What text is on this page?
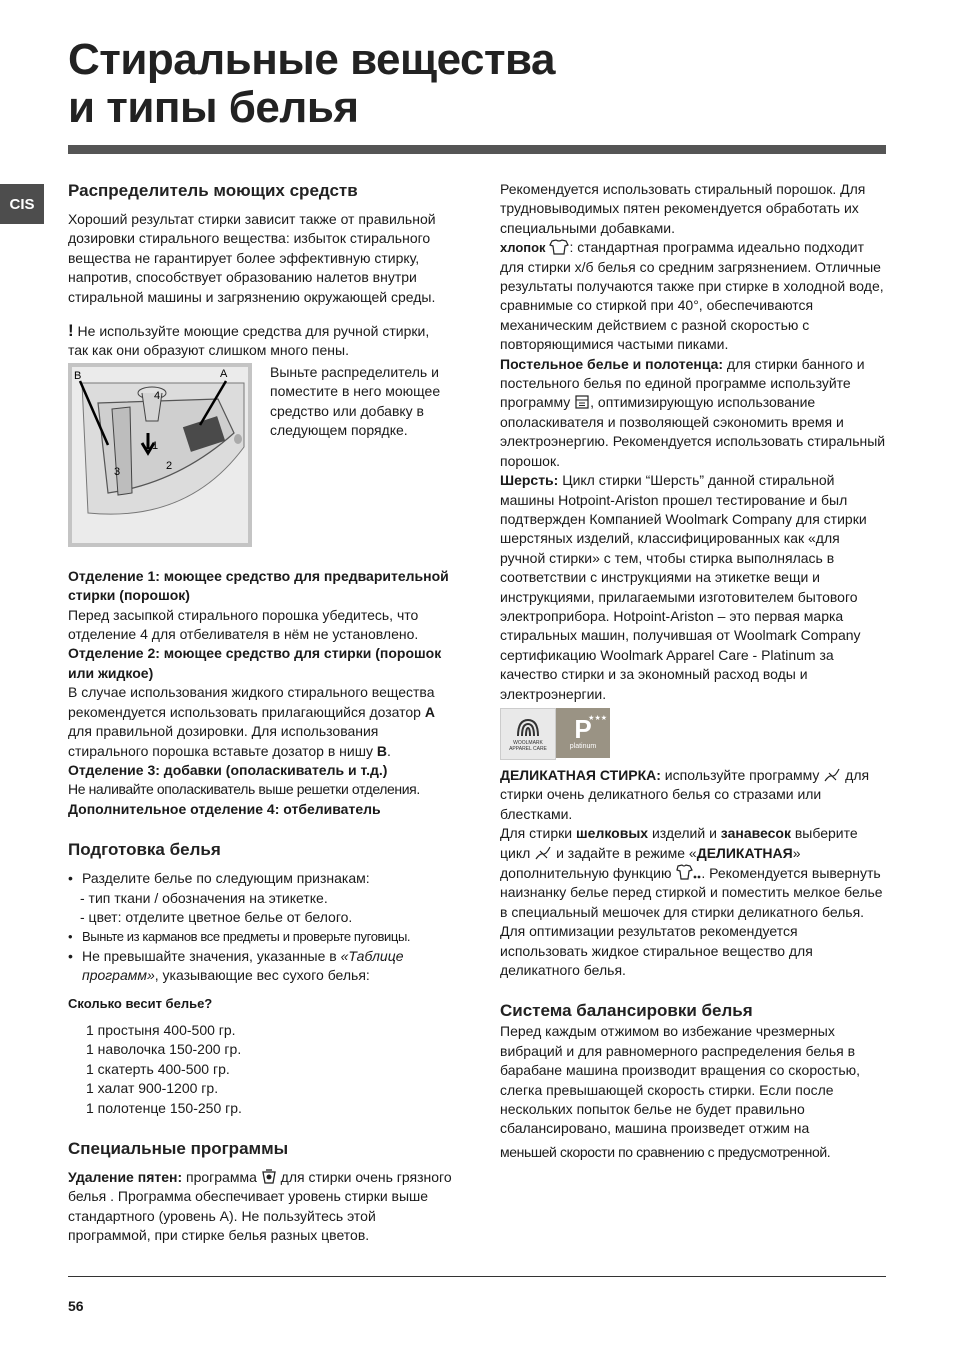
Стиральные вещества
и типы белья
CIS
Распределитель моющих средств

Хороший результат стирки зависит также от правильной дозировки стирального вещества: избыток стирального вещества не гарантирует более эффективную стирку, напротив, способствует образованию налетов внутри стиральной машины и загрязнению окружающей среды.

! Не используйте моющие средства для ручной стирки, так как они образуют слишком много пены.

B	A
1
2
3
4

Выньте распределитель и поместите в него моющее средство или добавку в следующем порядке.

Отделение 1: моющее средство для предварительной стирки (порошок)

Перед засыпкой стирального порошка убедитесь, что отделение 4 для отбеливателя в нём не установлено.

Отделение 2: моющее средство для стирки (порошок или жидкое)

В случае использования жидкого стирального вещества рекомендуется использовать прилагающийся дозатор A для правильной дозировки. Для использования стирального порошка вставьте дозатор в нишу B.

Отделение 3: добавки (ополаскиватель и т.д.)

Не наливайте ополаскиватель выше решетки отделения.

Дополнительное отделение 4: отбеливатель

Подготовка белья

• Разделите белье по следующим признакам:

- тип ткани / обозначения на этикетке.

- цвет: отделите цветное белье от белого.

• Выньте из карманов все предметы и проверьте пуговицы.

• Не превышайте значения, указанные в «Таблице программ», указывающие вес сухого белья:

Сколько весит белье?

1 простыня 400-500 гр.

1 наволочка 150-200 гр.

1 скатерть 400-500 гр.

1 халат 900-1200 гр.

1 полотенце 150-250 гр.

Специальные программы

Удаление пятен: программа  для стирки очень грязного белья . Программа обеспечивает уровень стирки выше стандартного (уровень A). Не пользуйтесь этой программой, при стирке белья разных цветов.

Рекомендуется использовать стиральный порошок. Для трудновыводимых пятен рекомендуется обработать их специальными добавками.

хлопок : стандартная программа идеально подходит для стирки х/б белья со средним загрязнением. Отличные результаты получаются также при стирке в холодной воде, сравнимые со стиркой при 40°, обеспечиваются механическим действием с разной скоростью с повторяющимися частыми пиками.

Постельное белье и полотенца: для стирки банного и постельного белья по единой программе используйте программу , оптимизирующую использование ополаскивателя и позволяющей сэкономить время и электроэнергию. Рекомендуется использовать стиральный порошок.

Шерсть: Цикл стирки “Шерсть” данной стиральной машины Hotpoint-Ariston прошел тестирование и был подтвержден Компанией Woolmark Company для стирки шерстяных изделий, классифицированных как «для ручной стирки» с тем, чтобы стирка выполнялась в соответствии с инструкциями на этикетке вещи и инструкциями, прилагаемыми изготовителем бытового электроприбора. Hotpoint-Ariston – это первая марка стиральных машин, получившая от Woolmark Company сертификацию Woolmark Apparel Care - Platinum за качество стирки и за экономный расход воды и электроэнергии.

WOOLMARK
APPAREL CARE
★★★
P
platinum

ДЕЛИКАТНАЯ СТИРКА: используйте программу  для стирки очень деликатного белья со стразами или блестками.

Для стирки шелковых изделий и занавесок выберите цикл  и задайте в режиме «ДЕЛИКАТНАЯ» дополнительную функцию . Рекомендуется вывернуть наизнанку белье перед стиркой и поместить мелкое белье в специальный мешочек для стирки деликатного белья.

Для оптимизации результатов рекомендуется использовать жидкое стиральное вещество для деликатного белья.

Система балансировки белья

Перед каждым отжимом во избежание чрезмерных вибраций и для равномерного распределения белья в барабане машина производит вращения со скоростью, слегка превышающей скорость стирки. Если после нескольких попыток белье не будет правильно сбалансировано, машина произведет отжим на

меньшей скорости по сравнению с предусмотренной.

56
